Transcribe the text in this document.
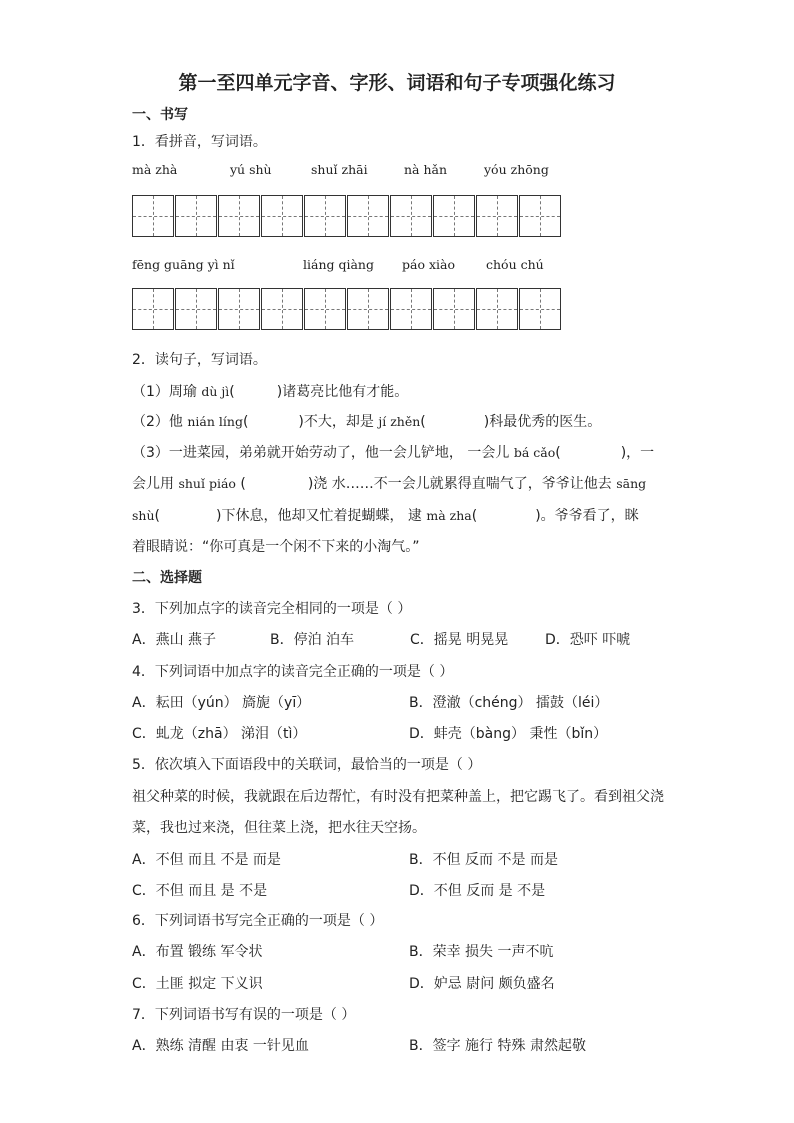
第一至四单元字音、字形、词语和句子专项强化练习
一、书写
1．看拼音，写词语。
mà zhà	yú shù	shuǐ zhāi	nà hǎn	yóu zhōng
fēng guāng yì nǐ	liáng qiàng páo xiào chóu chú
2．读句子，写词语。
（1）周瑜 dù jì(	)诸葛亮比他有才能。
（2）他 nián líng(	)不大，却是 jí zhěn(	)科最优秀的医生。
（3）一进菜园，弟弟就开始劳动了，他一会儿铲地， 一会儿 bá cǎo(	)，一
会儿用 shuǐ piáo (	)浇 水……不一会儿就累得直喘气了，爷爷让他去 sāng
shù(	)下休息，他却又忙着捉蝴蝶， 逮 mà zha(	)。爷爷看了，眯
着眼睛说：“你可真是一个闲不下来的小淘气。”
二、选择题
3．下列加点字的读音完全相同的一项是（ ）
A．燕山 燕子	B．停泊 泊车	C．摇晃 明晃晃	D．恐吓 吓唬
4．下列词语中加点字的读音完全正确的一项是（ ）
A．耘田（yún） 旖旎（yī）	B．澄澈（chéng） 擂鼓（léi）
C．虬龙（zhā） 涕泪（tì）	D．蚌壳（bàng） 秉性（bǐn）
5．依次填入下面语段中的关联词，最恰当的一项是（ ）
祖父种菜的时候，我就跟在后边帮忙，有时没有把菜种盖上，把它踢飞了。看到祖父浇
菜，我也过来浇，但往菜上浇，把水往天空扬。
A．不但 而且 不是 而是	B．不但 反而 不是 而是
C．不但 而且 是 不是	D．不但 反而 是 不是
6．下列词语书写完全正确的一项是（ ）
A．布置 锻练 军令状	B．荣幸 损失 一声不吭
C．土匪 拟定 下义识	D．妒忌 尉问 颇负盛名
7．下列词语书写有误的一项是（ ）
A．熟练 清醒 由衷 一针见血	B．签字 施行 特殊 肃然起敬
